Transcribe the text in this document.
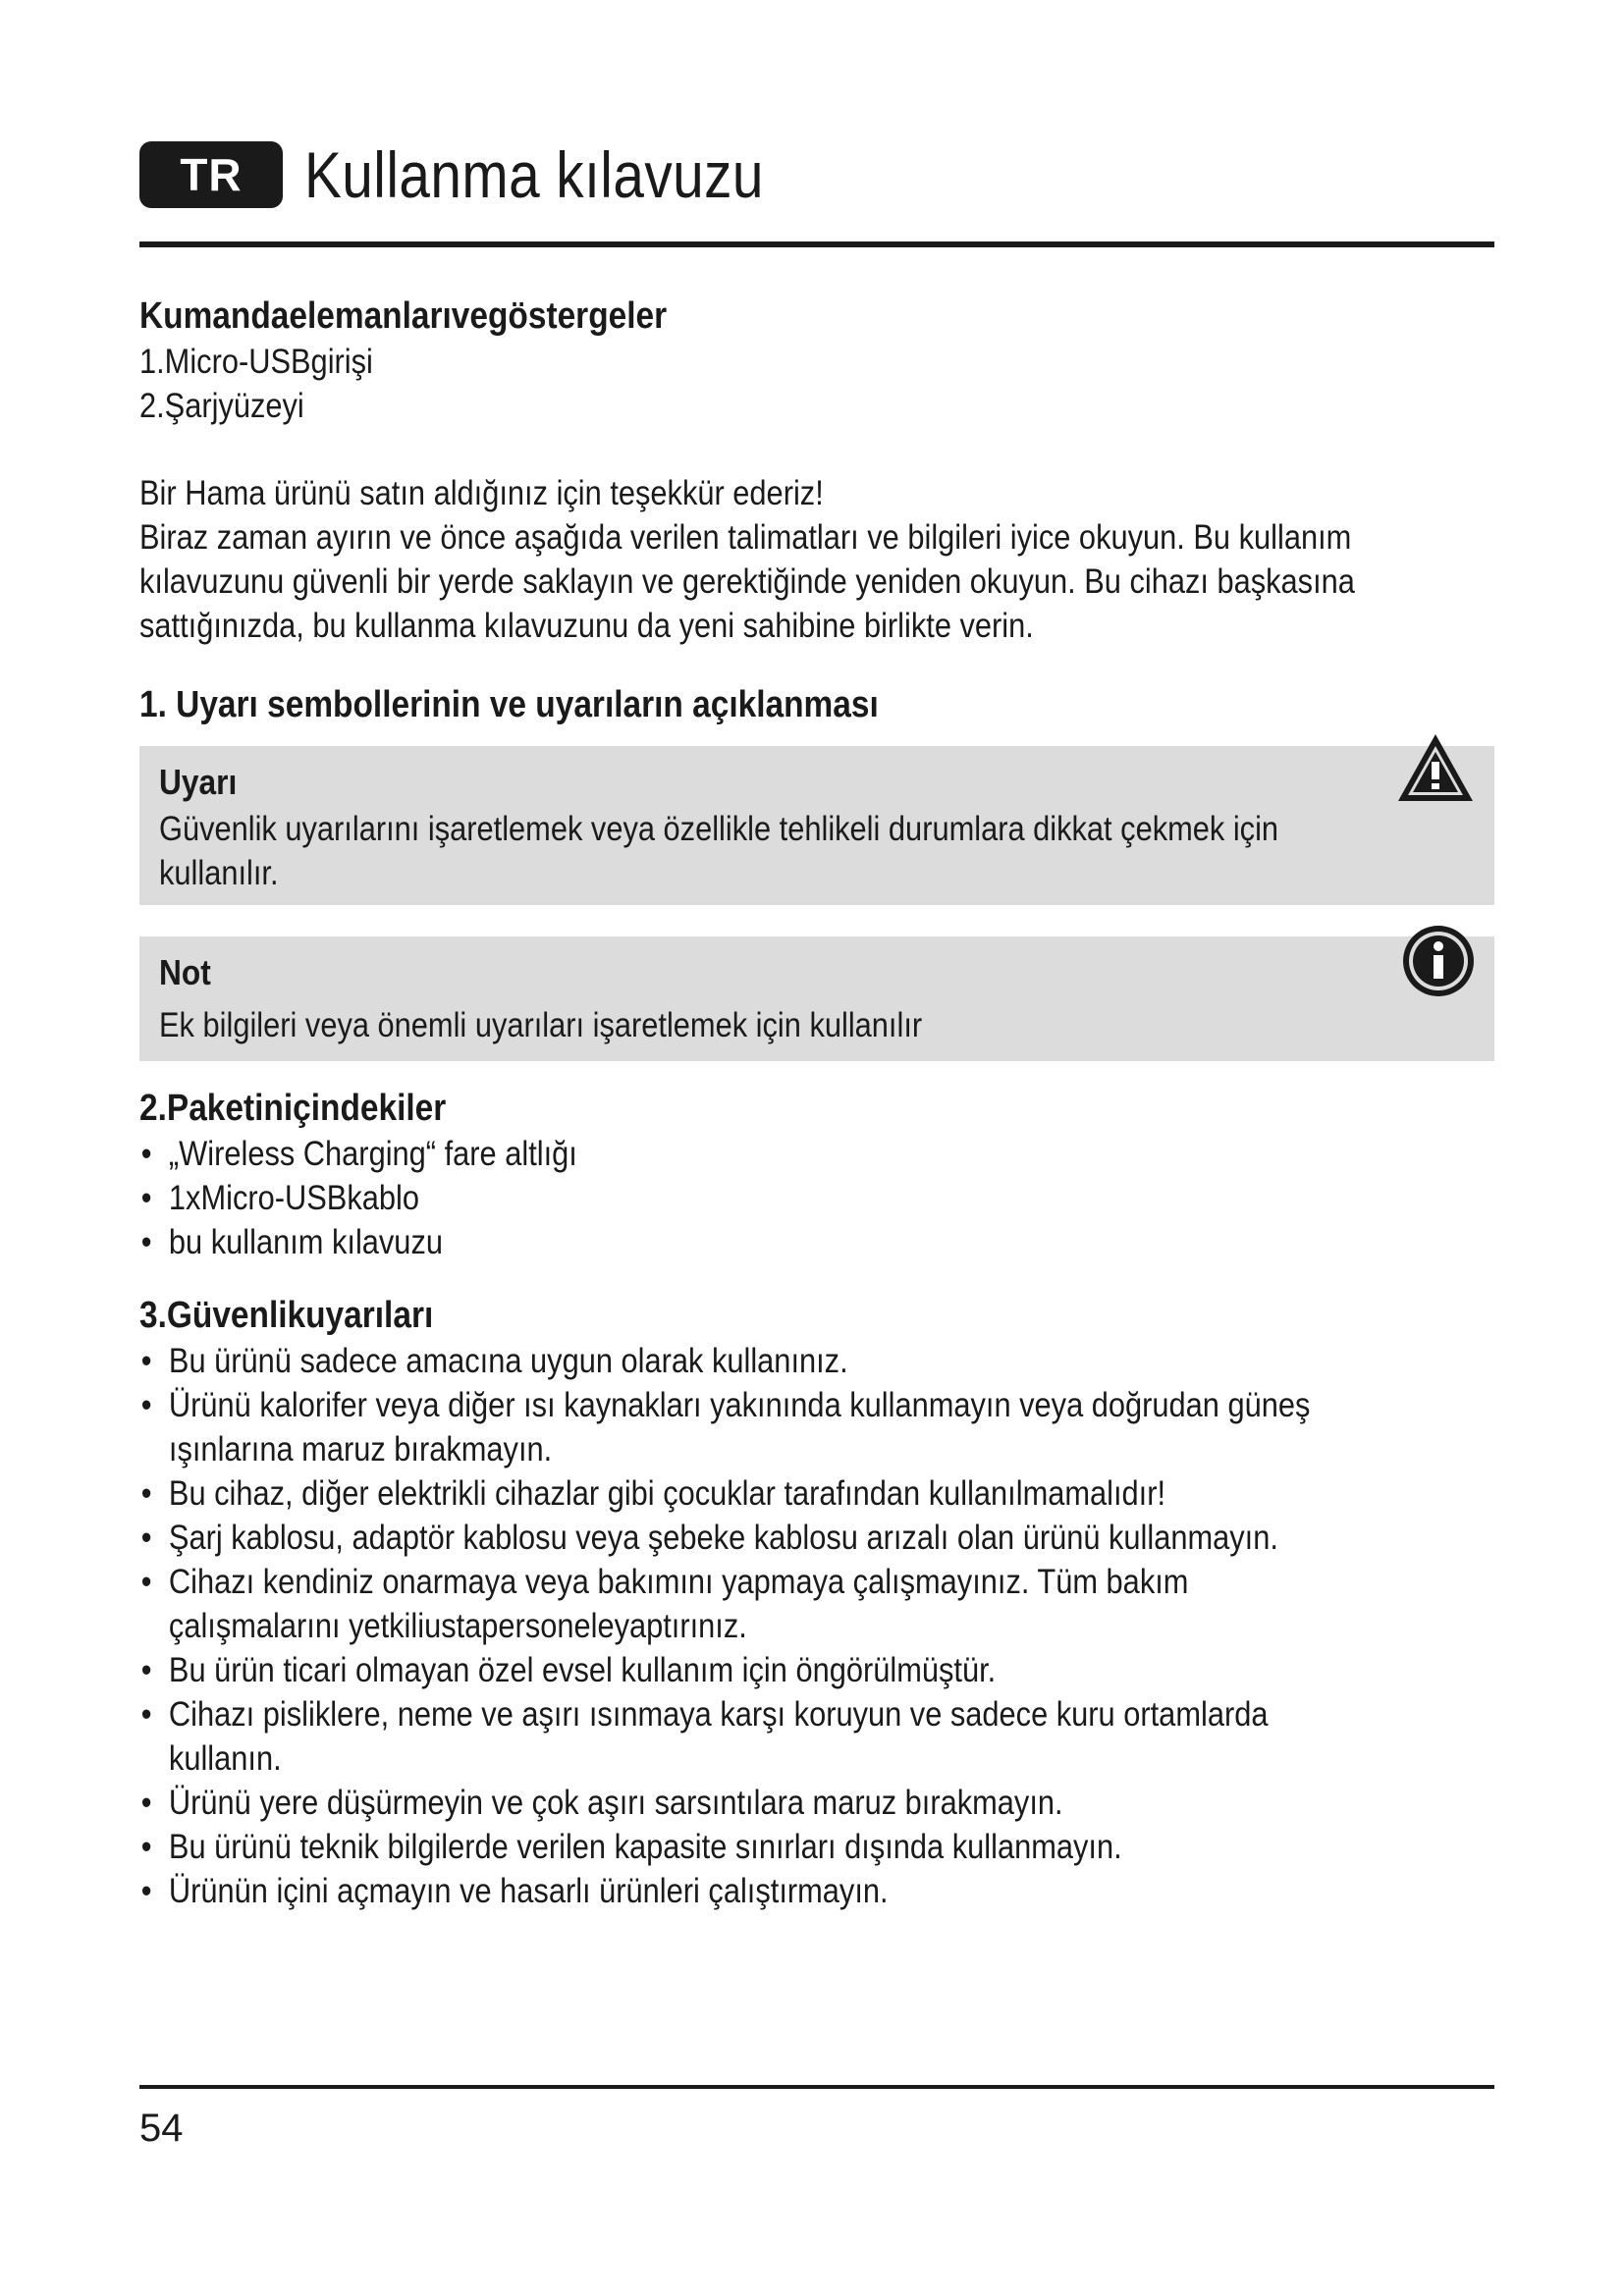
TR Kullanma kılavuzu
Kumandaelemanlarıvegöstergeler

1.Micro-USBgirişi

2.Şarjyüzeyi

Bir Hama ürünü satın aldığınız için teşekkür ederiz!

Biraz zaman ayırın ve önce aşağıda verilen talimatları ve bilgileri iyice okuyun. Bu kullanım

kılavuzunu güvenli bir yerde saklayın ve gerektiğinde yeniden okuyun. Bu cihazı başkasına

sattığınızda, bu kullanma kılavuzunu da yeni sahibine birlikte verin.

1. Uyarı sembollerinin ve uyarıların açıklanması
Uyarı

Güvenlik uyarılarını işaretlemek veya özellikle tehlikeli durumlara dikkat çekmek için

kullanılır.

Not

Ek bilgileri veya önemli uyarıları işaretlemek için kullanılır

2.Paketiniçindekiler
• „Wireless Charging“ fare altlığı
• 1xMicro-USBkablo
• bu kullanım kılavuzu
3.Güvenlikuyarıları
• Bu ürünü sadece amacına uygun olarak kullanınız.
• Ürünü kalorifer veya diğer ısı kaynakları yakınında kullanmayın veya doğrudan güneş ışınlarına maruz bırakmayın.
• Bu cihaz, diğer elektrikli cihazlar gibi çocuklar tarafından kullanılmamalıdır!
• Şarj kablosu, adaptör kablosu veya şebeke kablosu arızalı olan ürünü kullanmayın.
• Cihazı kendiniz onarmaya veya bakımını yapmaya çalışmayınız. Tüm bakım çalışmalarını yetkiliustapersoneleyaptırınız.
• Bu ürün ticari olmayan özel evsel kullanım için öngörülmüştür.
• Cihazı pisliklere, neme ve aşırı ısınmaya karşı koruyun ve sadece kuru ortamlarda kullanın.
• Ürünü yere düşürmeyin ve çok aşırı sarsıntılara maruz bırakmayın.
• Bu ürünü teknik bilgilerde verilen kapasite sınırları dışında kullanmayın.
• Ürünün içini açmayın ve hasarlı ürünleri çalıştırmayın.
54
